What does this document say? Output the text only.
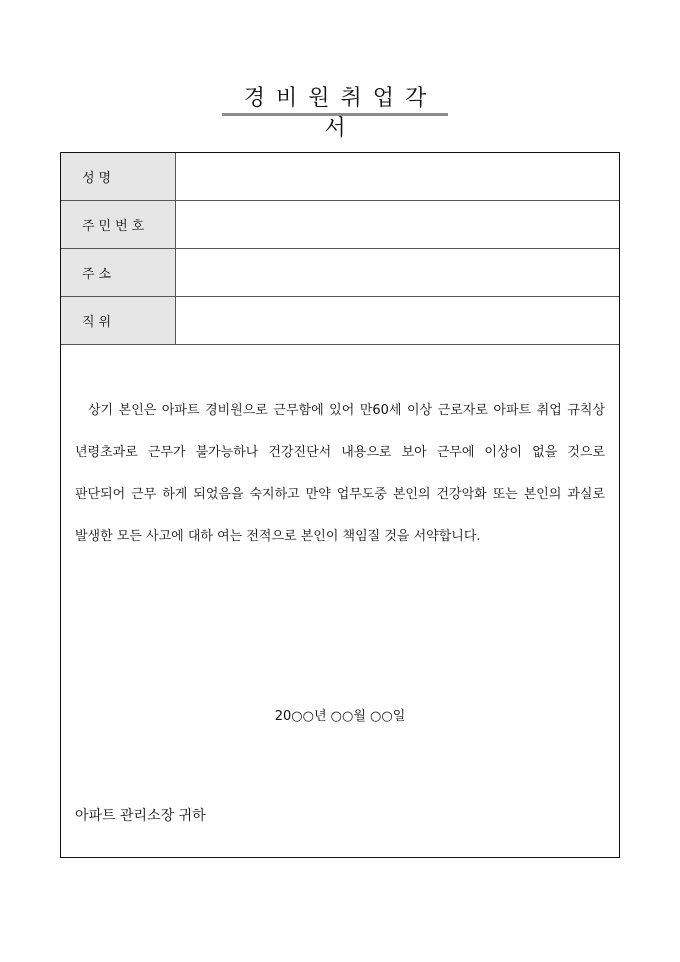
경비원취업각서
성명	
주민번호	
주소	
직위	

상기 본인은 아파트 경비원으로 근무함에 있어 만60세 이상 근로자로 아파트 취업 규칙상 년령초과로 근무가 불가능하나 건강진단서 내용으로 보아 근무에 이상이 없을 것으로 판단되어 근무 하게 되었음을 숙지하고 만약 업무도중 본인의 건강악화 또는 본인의 과실로 발생한 모든 사고에 대하 여는 전적으로 본인이 책임질 것을 서약합니다.

20○○년 ○○월 ○○일
아파트 관리소장 귀하
